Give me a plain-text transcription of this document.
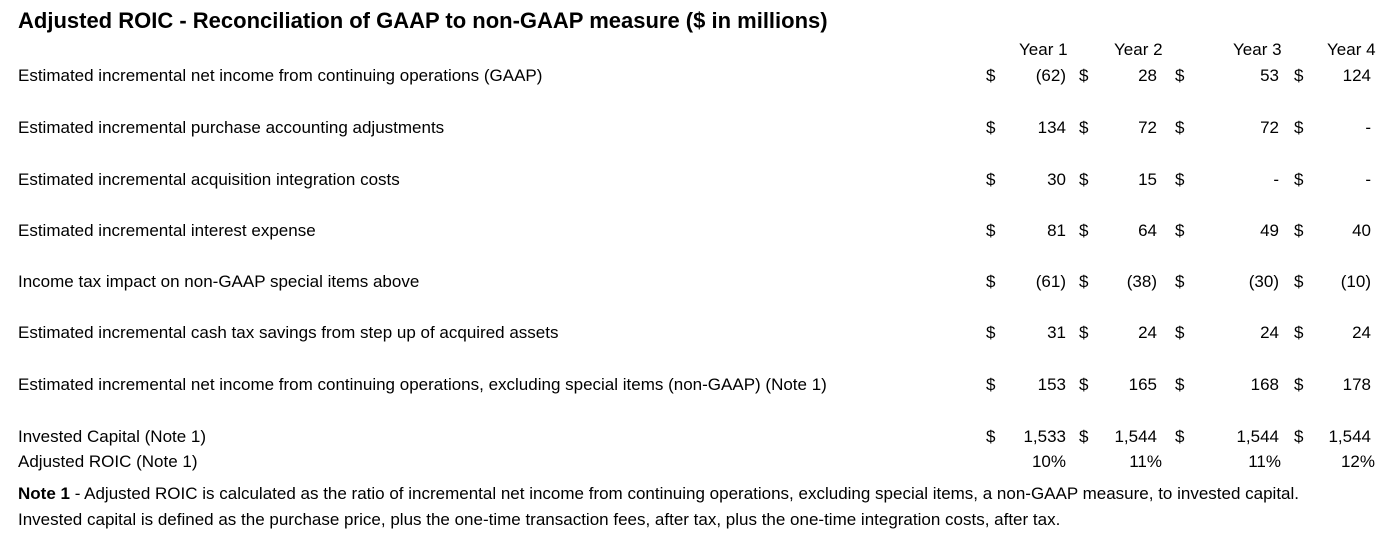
Adjusted ROIC - Reconciliation of GAAP to non-GAAP measure ($ in millions)
Year 1	Year 2	Year 3	Year 4
Estimated incremental net income from continuing operations (GAAP)	$	(62) $	28 $	53 $	124
Estimated incremental purchase accounting adjustments	$	134 $	72 $	72 $	-
Estimated incremental acquisition integration costs	$	30 $	15 $	- $	-
Estimated incremental interest expense	$	81 $	64 $	49 $	40
Income tax impact on non-GAAP special items above	$	(61) $	(38) $	(30) $	(10)
Estimated incremental cash tax savings from step up of acquired assets	$	31 $	24 $	24 $	24
Estimated incremental net income from continuing operations, excluding special items (non-GAAP) (Note 1)	$	153 $	165 $	168 $	178
Invested Capital (Note 1)	$	1,533 $	1,544 $	1,544 $	1,544
Adjusted ROIC (Note 1)	10%	11%	11%	12%
Note 1 - Adjusted ROIC is calculated as the ratio of incremental net income from continuing operations, excluding special items, a non-GAAP measure, to invested capital.
Invested capital is defined as the purchase price, plus the one-time transaction fees, after tax, plus the one-time integration costs, after tax.
